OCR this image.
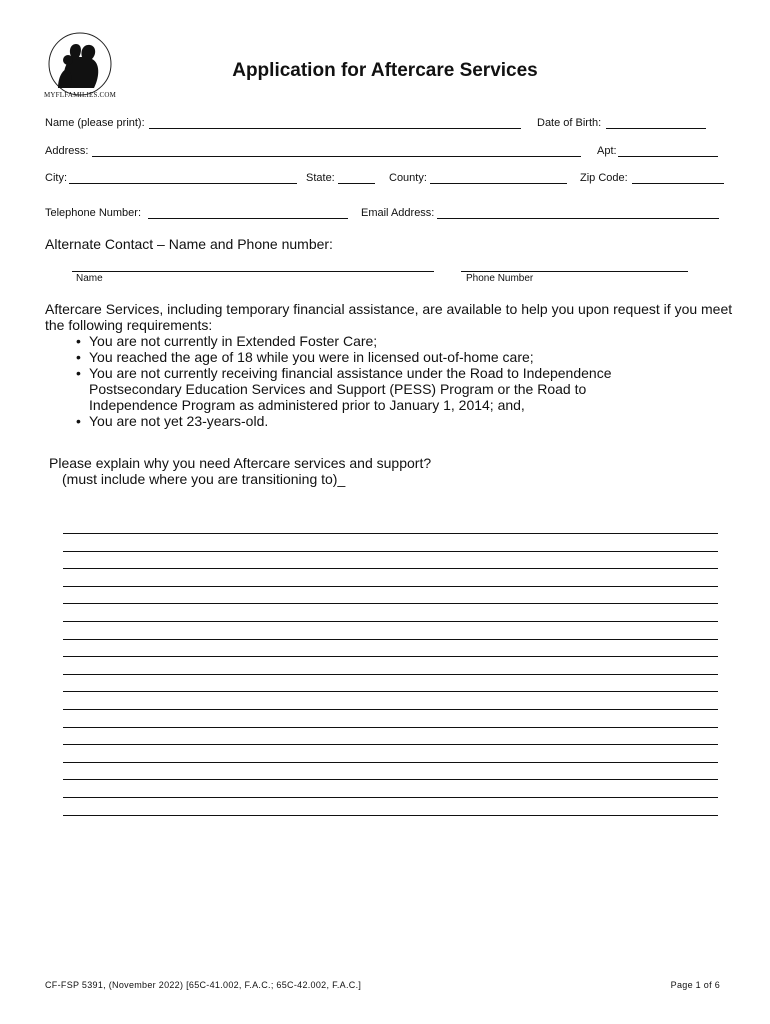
MYFLFAMILIES.COM
Application for Aftercare Services
Name (please print):	Date of Birth:
Address:	Apt:
City:	State:	County:	Zip Code:
Telephone Number:	Email Address:
Alternate Contact – Name and Phone number:
Name	Phone Number
Aftercare Services, including temporary financial assistance, are available to help you upon request if you meet the following requirements:
• You are not currently in Extended Foster Care;
• You reached the age of 18 while you were in licensed out-of-home care;
• You are not currently receiving financial assistance under the Road to Independence Postsecondary Education Services and Support (PESS) Program or the Road to Independence Program as administered prior to January 1, 2014; and,
• You are not yet 23-years-old.
Please explain why you need Aftercare services and support?
(must include where you are transitioning to)_
CF-FSP 5391, (November 2022) [65C-41.002, F.A.C.; 65C-42.002, F.A.C.]	Page 1 of 6
